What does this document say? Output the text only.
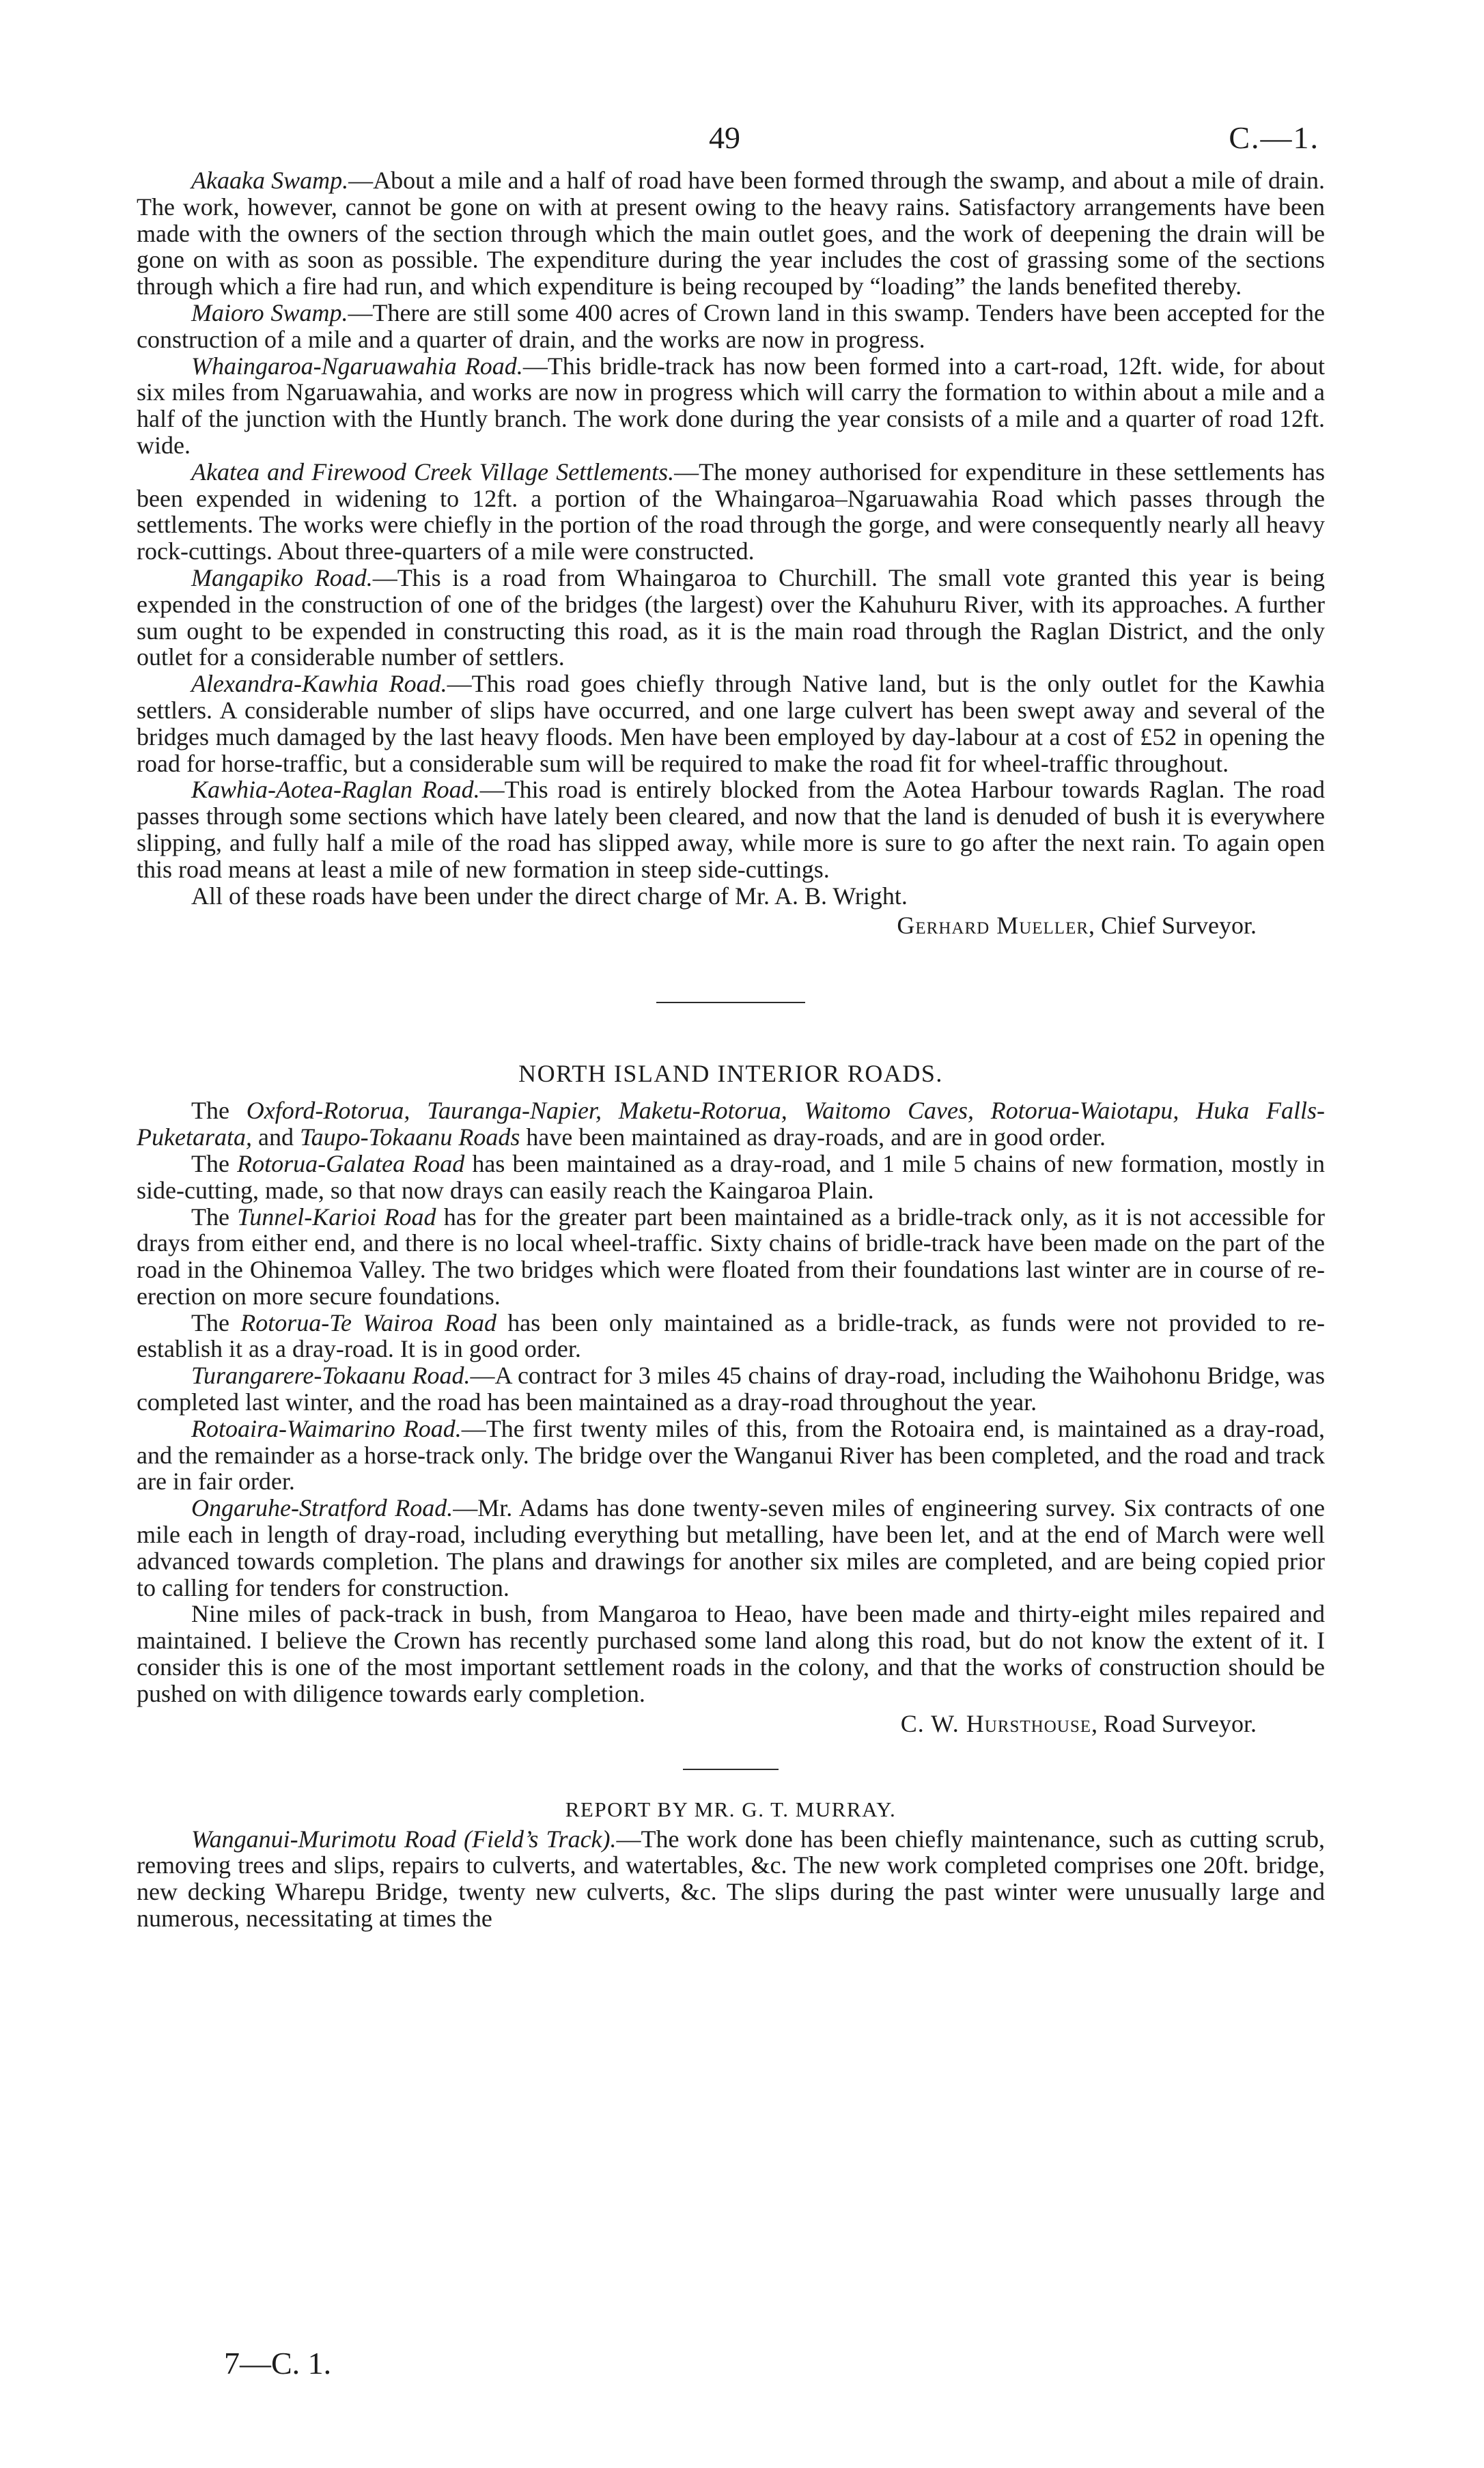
49	C.—1.

Akaaka Swamp.—About a mile and a half of road have been formed through the swamp, and about a mile of drain. The work, however, cannot be gone on with at present owing to the heavy rains. Satisfactory arrangements have been made with the owners of the section through which the main outlet goes, and the work of deepening the drain will be gone on with as soon as possible. The expenditure during the year includes the cost of grassing some of the sections through which a fire had run, and which expenditure is being recouped by “loading” the lands benefited thereby.

Maioro Swamp.—There are still some 400 acres of Crown land in this swamp. Tenders have been accepted for the construction of a mile and a quarter of drain, and the works are now in progress.

Whaingaroa-Ngaruawahia Road.—This bridle-track has now been formed into a cart-road, 12ft. wide, for about six miles from Ngaruawahia, and works are now in progress which will carry the formation to within about a mile and a half of the junction with the Huntly branch. The work done during the year consists of a mile and a quarter of road 12ft. wide.

Akatea and Firewood Creek Village Settlements.—The money authorised for expenditure in these settlements has been expended in widening to 12ft. a portion of the Whaingaroa–Ngaruawahia Road which passes through the settlements. The works were chiefly in the portion of the road through the gorge, and were consequently nearly all heavy rock-cuttings. About three-quarters of a mile were constructed.

Mangapiko Road.—This is a road from Whaingaroa to Churchill. The small vote granted this year is being expended in the construction of one of the bridges (the largest) over the Kahuhuru River, with its approaches. A further sum ought to be expended in constructing this road, as it is the main road through the Raglan District, and the only outlet for a considerable number of settlers.

Alexandra-Kawhia Road.—This road goes chiefly through Native land, but is the only outlet for the Kawhia settlers. A considerable number of slips have occurred, and one large culvert has been swept away and several of the bridges much damaged by the last heavy floods. Men have been employed by day-labour at a cost of £52 in opening the road for horse-traffic, but a considerable sum will be required to make the road fit for wheel-traffic throughout.

Kawhia-Aotea-Raglan Road.—This road is entirely blocked from the Aotea Harbour towards Raglan. The road passes through some sections which have lately been cleared, and now that the land is denuded of bush it is everywhere slipping, and fully half a mile of the road has slipped away, while more is sure to go after the next rain. To again open this road means at least a mile of new formation in steep side-cuttings.

All of these roads have been under the direct charge of Mr. A. B. Wright.

Gerhard Mueller, Chief Surveyor.
NORTH ISLAND INTERIOR ROADS.

The Oxford-Rotorua, Tauranga-Napier, Maketu-Rotorua, Waitomo Caves, Rotorua-Waiotapu, Huka Falls-Puketarata, and Taupo-Tokaanu Roads have been maintained as dray-roads, and are in good order.

The Rotorua-Galatea Road has been maintained as a dray-road, and 1 mile 5 chains of new formation, mostly in side-cutting, made, so that now drays can easily reach the Kaingaroa Plain.

The Tunnel-Karioi Road has for the greater part been maintained as a bridle-track only, as it is not accessible for drays from either end, and there is no local wheel-traffic. Sixty chains of bridle-track have been made on the part of the road in the Ohinemoa Valley. The two bridges which were floated from their foundations last winter are in course of re-erection on more secure foundations.

The Rotorua-Te Wairoa Road has been only maintained as a bridle-track, as funds were not provided to re-establish it as a dray-road. It is in good order.

Turangarere-Tokaanu Road.—A contract for 3 miles 45 chains of dray-road, including the Waihohonu Bridge, was completed last winter, and the road has been maintained as a dray-road throughout the year.

Rotoaira-Waimarino Road.—The first twenty miles of this, from the Rotoaira end, is maintained as a dray-road, and the remainder as a horse-track only. The bridge over the Wanganui River has been completed, and the road and track are in fair order.

Ongaruhe-Stratford Road.—Mr. Adams has done twenty-seven miles of engineering survey. Six contracts of one mile each in length of dray-road, including everything but metalling, have been let, and at the end of March were well advanced towards completion. The plans and drawings for another six miles are completed, and are being copied prior to calling for tenders for construction.

Nine miles of pack-track in bush, from Mangaroa to Heao, have been made and thirty-eight miles repaired and maintained. I believe the Crown has recently purchased some land along this road, but do not know the extent of it. I consider this is one of the most important settlement roads in the colony, and that the works of construction should be pushed on with diligence towards early completion.

C. W. Hursthouse, Road Surveyor.
REPORT BY MR. G. T. MURRAY.

Wanganui-Murimotu Road (Field’s Track).—The work done has been chiefly maintenance, such as cutting scrub, removing trees and slips, repairs to culverts, and watertables, &c. The new work completed comprises one 20ft. bridge, new decking Wharepu Bridge, twenty new culverts, &c. The slips during the past winter were unusually large and numerous, necessitating at times the

7—C. 1.
